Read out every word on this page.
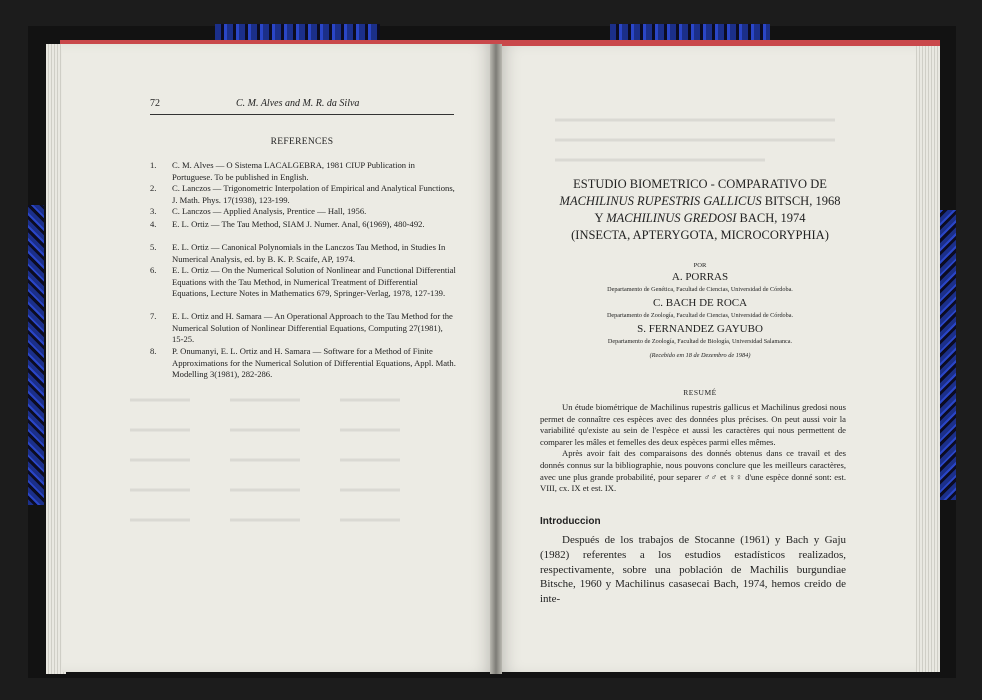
72	C. M. Alves and M. R. da Silva
REFERENCES
1.	C. M. Alves — O Sistema LACALGEBRA, 1981 CIUP Publication in Portuguese. To be published in English.
2.	C. Lanczos — Trigonometric Interpolation of Empirical and Analytical Functions, J. Math. Phys. 17(1938), 123-199.
3.	C. Lanczos — Applied Analysis, Prentice — Hall, 1956.
4.	E. L. Ortiz — The Tau Method, SIAM J. Numer. Anal, 6(1969), 480-492.
5.	E. L. Ortiz — Canonical Polynomials in the Lanczos Tau Method, in Studies In Numerical Analysis, ed. by B. K. P. Scaife, AP, 1974.
6.	E. L. Ortiz — On the Numerical Solution of Nonlinear and Functional Differential Equations with the Tau Method, in Numerical Treatment of Differential Equations, Lecture Notes in Mathematics 679, Springer-Verlag, 1978, 127-139.
7.	E. L. Ortiz and H. Samara — An Operational Approach to the Tau Method for the Numerical Solution of Nonlinear Differential Equations, Computing 27(1981), 15-25.
8.	P. Onumanyi, E. L. Ortiz and H. Samara — Software for a Method of Finite Approximations for the Numerical Solution of Differential Equations, Appl. Math. Modelling 3(1981), 282-286.
ESTUDIO BIOMETRICO - COMPARATIVO DE
MACHILINUS RUPESTRIS GALLICUS BITSCH, 1968
Y MACHILINUS GREDOSI BACH, 1974
(INSECTA, APTERYGOTA, MICROCORYPHIA)
POR
A. PORRAS
Departamento de Genética, Facultad de Ciencias, Universidad de Córdoba.
C. BACH DE ROCA
Departamento de Zoología, Facultad de Ciencias, Universidad de Córdoba.
S. FERNANDEZ GAYUBO
Departamento de Zoología, Facultad de Biología, Universidad Salamanca.
(Recebido em 18 de Dezembro de 1984)
RESUMÉ

Un étude biométrique de Machilinus rupestris gallicus et Machilinus gredosi nous permet de connaître ces espèces avec des données plus précises. On peut aussi voir la variabilité qu'existe au sein de l'espèce et aussi les caractères qui nous permettent de comparer les mâles et femelles des deux espèces parmi elles mêmes.

Après avoir fait des comparaisons des donnés obtenus dans ce travail et des donnés connus sur la bibliographie, nous pouvons conclure que les meilleurs caractères, avec une plus grande probabilité, pour separer ♂♂ et ♀♀ d'une espèce donné sont: est. VIII, cx. IX et est. IX.

Introduccion

Después de los trabajos de Stocanne (1961) y Bach y Gaju (1982) referentes a los estudios estadísticos realizados, respectivamente, sobre una población de Machilis burgundiae Bitsche, 1960 y Machilinus casasecai Bach, 1974, hemos creido de inte-
